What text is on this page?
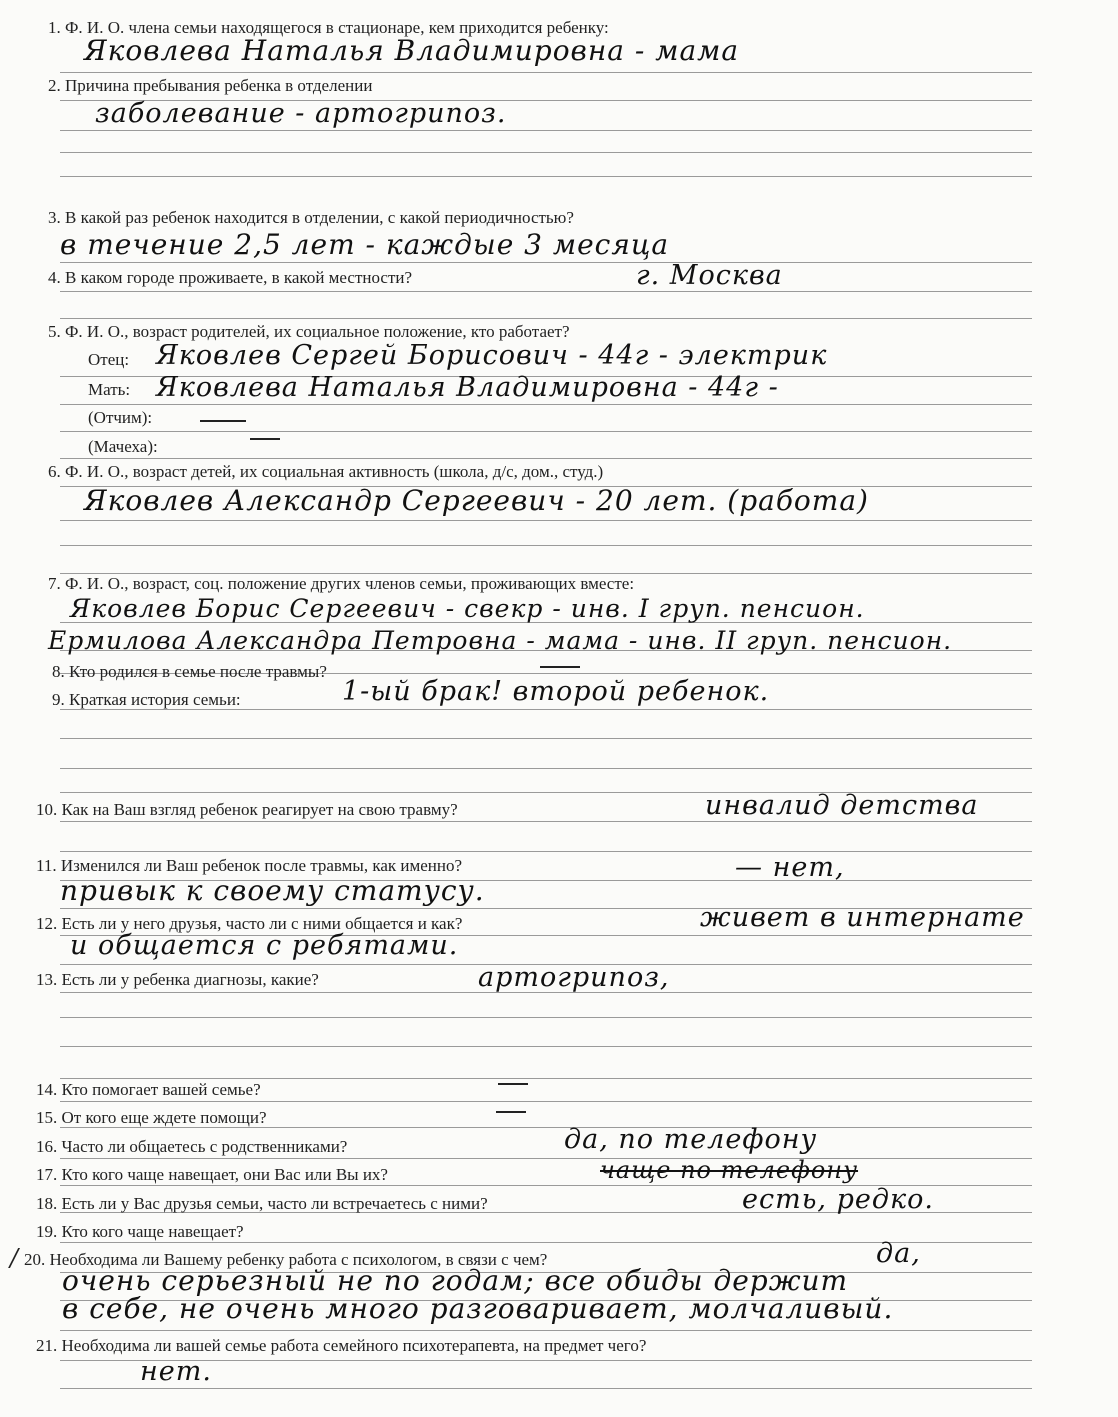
1. Ф. И. О. члена семьи находящегося в стационаре, кем приходится ребенку:
Яковлева Наталья Владимировна - мама
2. Причина пребывания ребенка в отделении
заболевание - артогрипоз.
3. В какой раз ребенок находится в отделении, с какой периодичностью?
в течение 2,5 лет - каждые 3 месяца
4. В каком городе проживаете, в какой местности?	г. Москва
5. Ф. И. О., возраст родителей, их социальное положение, кто работает?
Отец: Яковлев Сергей Борисович - 44г - электрик
Мать: Яковлева Наталья Владимировна - 44г -
(Отчим):
(Мачеха):
6. Ф. И. О., возраст детей, их социальная активность (школа, д/с, дом., студ.)
Яковлев Александр Сергеевич - 20 лет. (работа)
7. Ф. И. О., возраст, соц. положение других членов семьи, проживающих вместе:
Яковлев Борис Сергеевич - свекр - инв. I груп. пенсион.
Ермилова Александра Петровна - мама - инв. II груп. пенсион.
8. Кто родился в семье после травмы?
9. Краткая история семьи:	1-ый брак! второй ребенок.
10. Как на Ваш взгляд ребенок реагирует на свою травму?	инвалид детства
11. Изменился ли Ваш ребенок после травмы, как именно?	— нет,
привык к своему статусу.
12. Есть ли у него друзья, часто ли с ними общается и как?	живет в интернате
и общается с ребятами.
13. Есть ли у ребенка диагнозы, какие?	артогрипоз,
14. Кто помогает вашей семье?
15. От кого еще ждете помощи?
16. Часто ли общаетесь с родственниками?	да, по телефону
17. Кто кого чаще навещает, они Вас или Вы их?	чаще по телефону
18. Есть ли у Вас друзья семьи, часто ли встречаетесь с ними?	есть, редко.
19. Кто кого чаще навещает?
/ 20. Необходима ли Вашему ребенку работа с психологом, в связи с чем?	да,
очень серьезный не по годам; все обиды держит
в себе, не очень много разговаривает, молчаливый.
21. Необходима ли вашей семье работа семейного психотерапевта, на предмет чего?
нет.
